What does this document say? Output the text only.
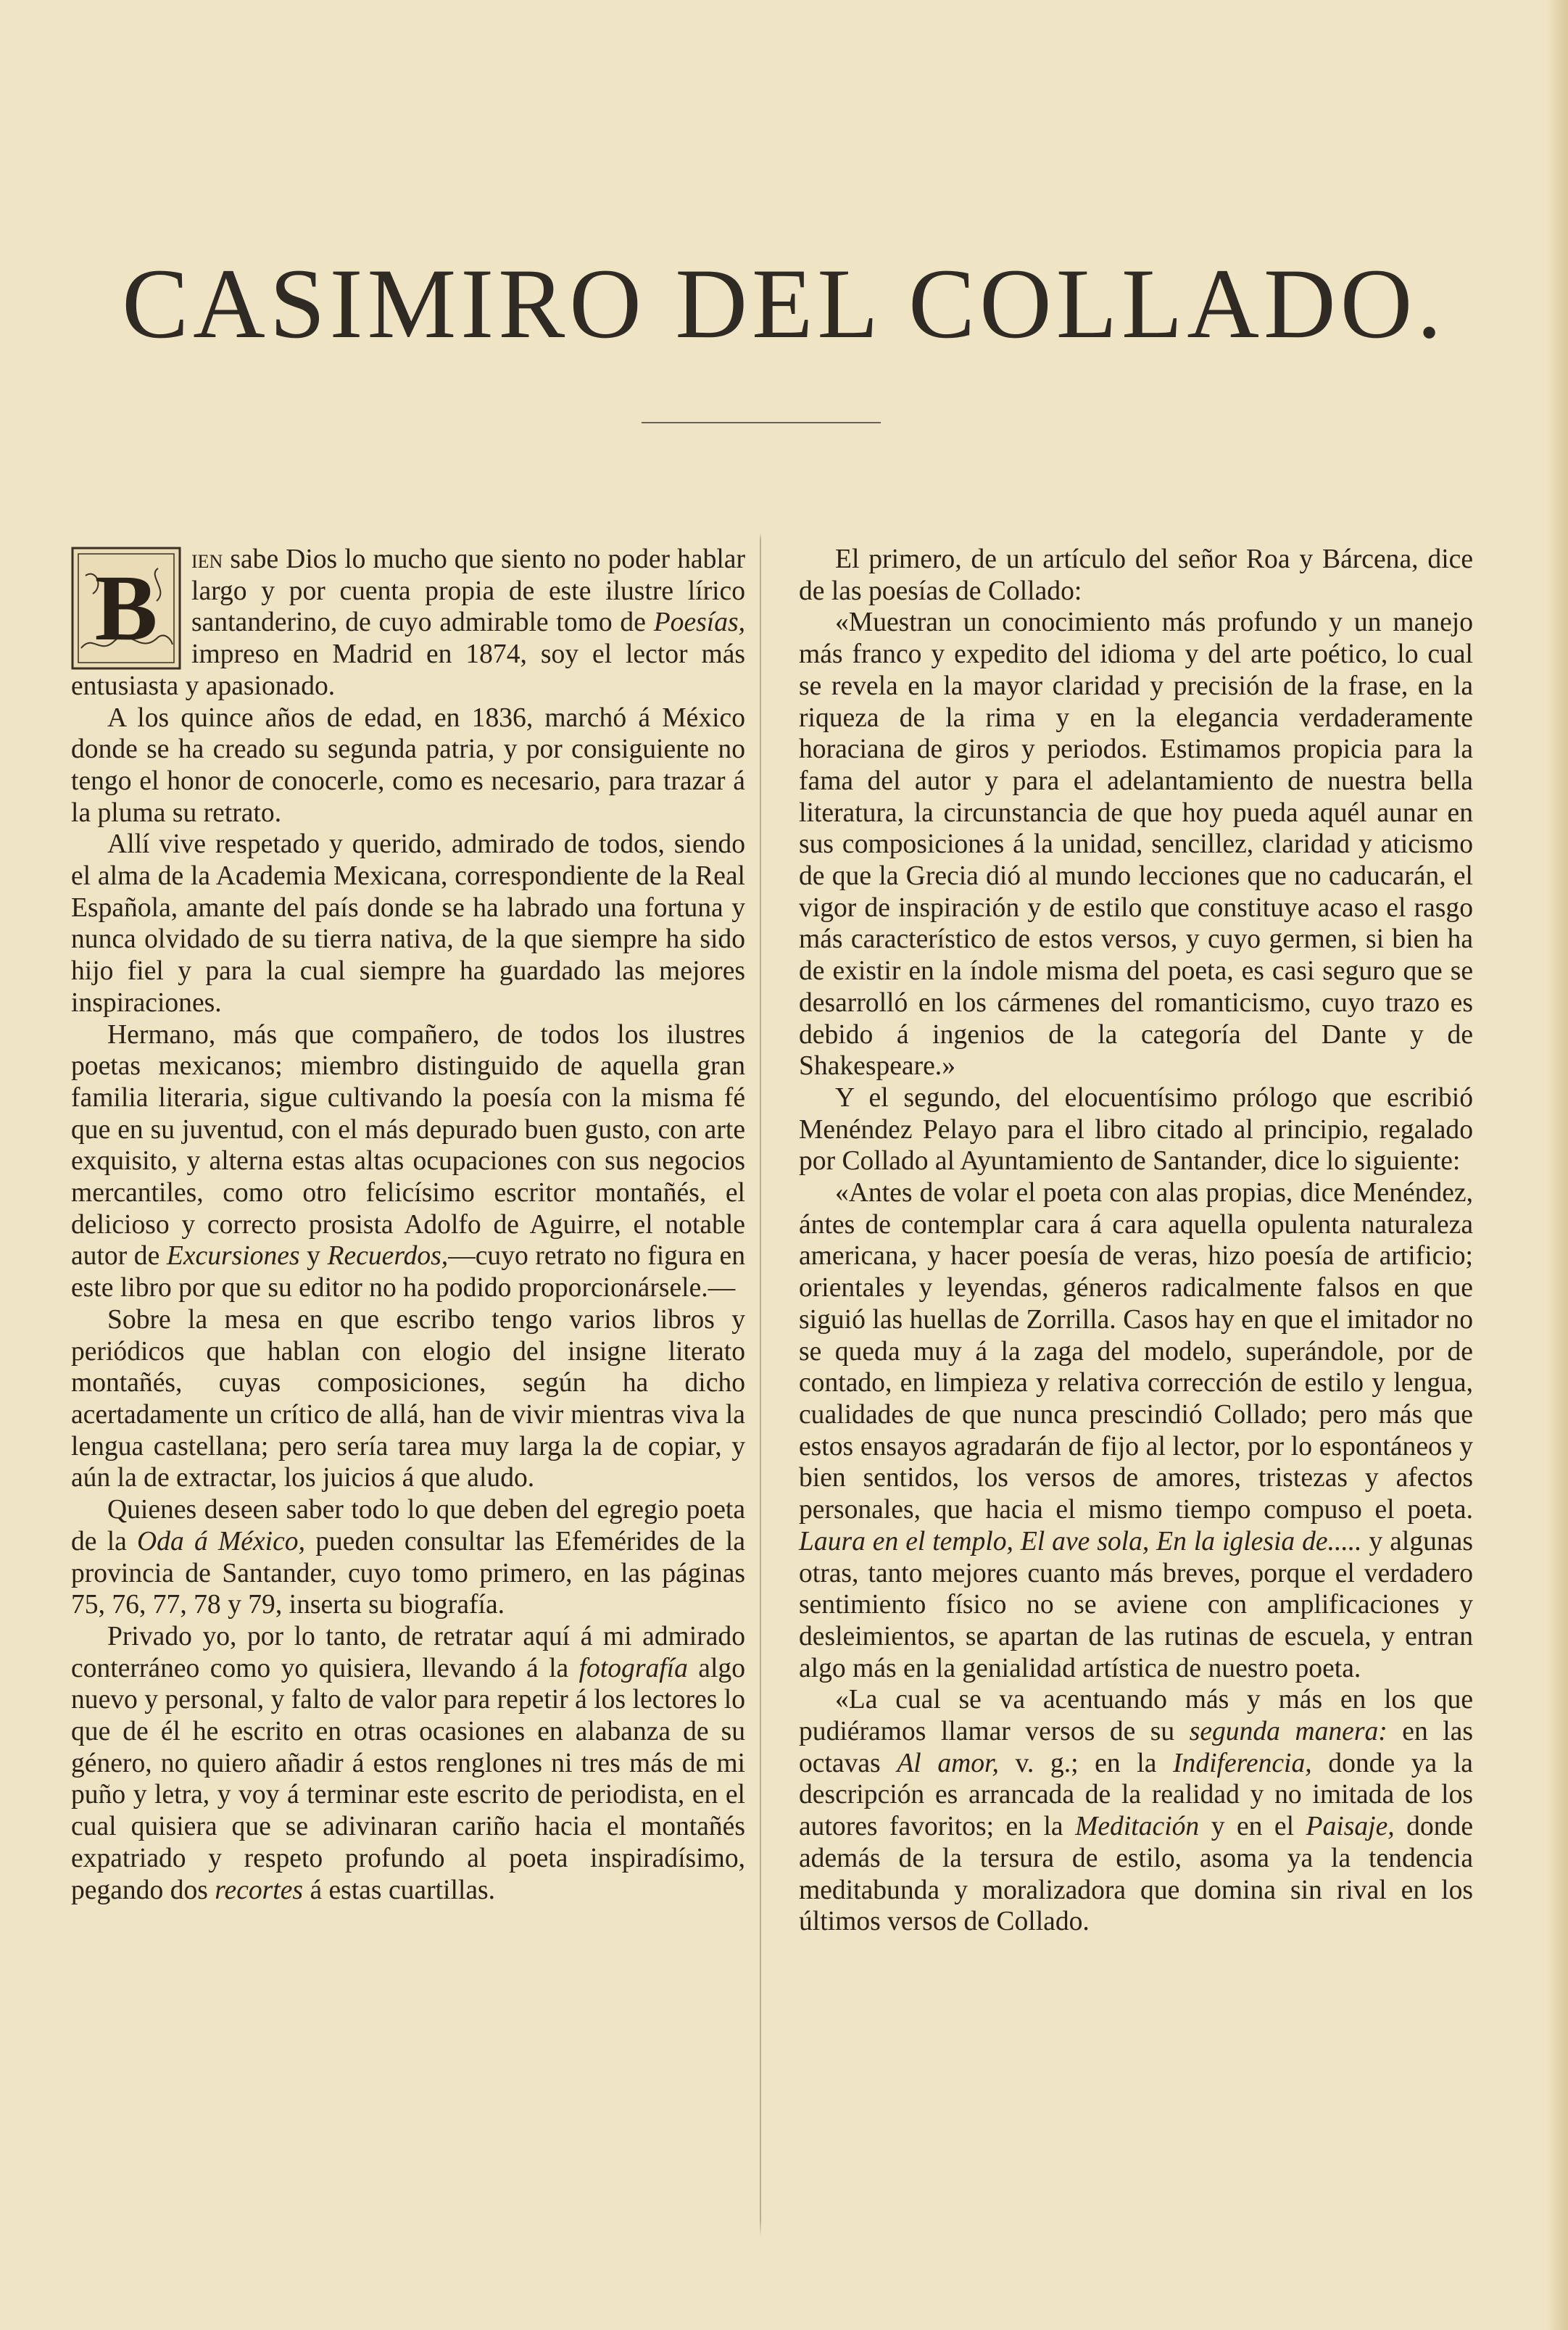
CASIMIRO DEL COLLADO.

B ien sabe Dios lo mucho que siento no poder hablar largo y por cuenta propia de este ilustre lírico santanderino, de cuyo admirable tomo de Poesías, impreso en Madrid en 1874, soy el lector más entusiasta y apasionado.

A los quince años de edad, en 1836, marchó á México donde se ha creado su segunda patria, y por consiguiente no tengo el honor de conocerle, como es necesario, para trazar á la pluma su retrato.

Allí vive respetado y querido, admirado de todos, siendo el alma de la Academia Mexicana, correspondiente de la Real Española, amante del país donde se ha labrado una fortuna y nunca olvidado de su tierra nativa, de la que siempre ha sido hijo fiel y para la cual siempre ha guardado las mejores inspiraciones.

Hermano, más que compañero, de todos los ilustres poetas mexicanos; miembro distinguido de aquella gran familia literaria, sigue cultivando la poesía con la misma fé que en su juventud, con el más depurado buen gusto, con arte exquisito, y alterna estas altas ocupaciones con sus negocios mercantiles, como otro felicísimo escritor montañés, el delicioso y correcto prosista Adolfo de Aguirre, el notable autor de Excursiones y Recuerdos,—cuyo retrato no figura en este libro por que su editor no ha podido proporcionársele.—

Sobre la mesa en que escribo tengo varios libros y periódicos que hablan con elogio del insigne literato montañés, cuyas composiciones, según ha dicho acertadamente un crítico de allá, han de vivir mientras viva la lengua castellana; pero sería tarea muy larga la de copiar, y aún la de extractar, los juicios á que aludo.

Quienes deseen saber todo lo que deben del egregio poeta de la Oda á México, pueden consultar las Efemérides de la provincia de Santander, cuyo tomo primero, en las páginas 75, 76, 77, 78 y 79, inserta su biografía.

Privado yo, por lo tanto, de retratar aquí á mi admirado conterráneo como yo quisiera, llevando á la fotografía algo nuevo y personal, y falto de valor para repetir á los lectores lo que de él he escrito en otras ocasiones en alabanza de su género, no quiero añadir á estos renglones ni tres más de mi puño y letra, y voy á terminar este escrito de periodista, en el cual quisiera que se adivinaran cariño hacia el montañés expatriado y respeto profundo al poeta inspiradísimo, pegando dos recortes á estas cuartillas.

El primero, de un artículo del señor Roa y Bárcena, dice de las poesías de Collado:

«Muestran un conocimiento más profundo y un manejo más franco y expedito del idioma y del arte poético, lo cual se revela en la mayor claridad y precisión de la frase, en la riqueza de la rima y en la elegancia verdaderamente horaciana de giros y periodos. Estimamos propicia para la fama del autor y para el adelantamiento de nuestra bella literatura, la circunstancia de que hoy pueda aquél aunar en sus composiciones á la unidad, sencillez, claridad y aticismo de que la Grecia dió al mundo lecciones que no caducarán, el vigor de inspiración y de estilo que constituye acaso el rasgo más característico de estos versos, y cuyo germen, si bien ha de existir en la índole misma del poeta, es casi seguro que se desarrolló en los cármenes del romanticismo, cuyo trazo es debido á ingenios de la categoría del Dante y de Shakespeare.»

Y el segundo, del elocuentísimo prólogo que escribió Menéndez Pelayo para el libro citado al principio, regalado por Collado al Ayuntamiento de Santander, dice lo siguiente:

«Antes de volar el poeta con alas propias, dice Menéndez, ántes de contemplar cara á cara aquella opulenta naturaleza americana, y hacer poesía de veras, hizo poesía de artificio; orientales y leyendas, géneros radicalmente falsos en que siguió las huellas de Zorrilla. Casos hay en que el imitador no se queda muy á la zaga del modelo, superándole, por de contado, en limpieza y relativa corrección de estilo y lengua, cualidades de que nunca prescindió Collado; pero más que estos ensayos agradarán de fijo al lector, por lo espontáneos y bien sentidos, los versos de amores, tristezas y afectos personales, que hacia el mismo tiempo compuso el poeta. Laura en el templo, El ave sola, En la iglesia de..... y algunas otras, tanto mejores cuanto más breves, porque el verdadero sentimiento físico no se aviene con amplificaciones y desleimientos, se apartan de las rutinas de escuela, y entran algo más en la genialidad artística de nuestro poeta.

«La cual se va acentuando más y más en los que pudiéramos llamar versos de su segunda manera: en las octavas Al amor, v. g.; en la Indiferencia, donde ya la descripción es arrancada de la realidad y no imitada de los autores favoritos; en la Meditación y en el Paisaje, donde además de la tersura de estilo, asoma ya la tendencia meditabunda y moralizadora que domina sin rival en los últimos versos de Collado.
